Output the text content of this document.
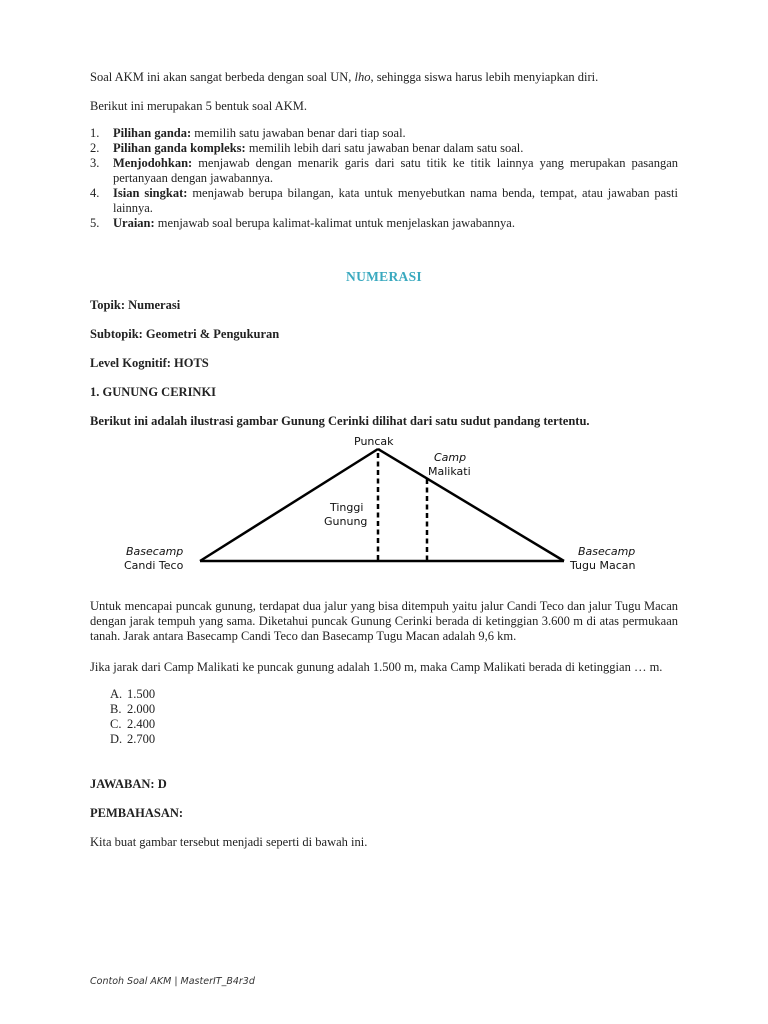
Soal AKM ini akan sangat berbeda dengan soal UN, lho, sehingga siswa harus lebih menyiapkan diri.

Berikut ini merupakan 5 bentuk soal AKM.

1. Pilihan ganda: memilih satu jawaban benar dari tiap soal.
2. Pilihan ganda kompleks: memilih lebih dari satu jawaban benar dalam satu soal.
3. Menjodohkan: menjawab dengan menarik garis dari satu titik ke titik lainnya yang merupakan pasangan pertanyaan dengan jawabannya.
4. Isian singkat: menjawab berupa bilangan, kata untuk menyebutkan nama benda, tempat, atau jawaban pasti lainnya.
5. Uraian: menjawab soal berupa kalimat-kalimat untuk menjelaskan jawabannya.

NUMERASI

Topik: Numerasi

Subtopik: Geometri & Pengukuran

Level Kognitif: HOTS

1. GUNUNG CERINKI

Berikut ini adalah ilustrasi gambar Gunung Cerinki dilihat dari satu sudut pandang tertentu.

Puncak
Camp
Malikati
Tinggi
Gunung
Basecamp
Candi Teco
Basecamp
Tugu Macan

Untuk mencapai puncak gunung, terdapat dua jalur yang bisa ditempuh yaitu jalur Candi Teco dan jalur Tugu Macan dengan jarak tempuh yang sama. Diketahui puncak Gunung Cerinki berada di ketinggian 3.600 m di atas permukaan tanah. Jarak antara Basecamp Candi Teco dan Basecamp Tugu Macan adalah 9,6 km.

Jika jarak dari Camp Malikati ke puncak gunung adalah 1.500 m, maka Camp Malikati berada di ketinggian … m.

A. 1.500
B. 2.000
C. 2.400
D. 2.700

JAWABAN: D

PEMBAHASAN:

Kita buat gambar tersebut menjadi seperti di bawah ini.

Contoh Soal AKM | MasterIT_B4r3d
